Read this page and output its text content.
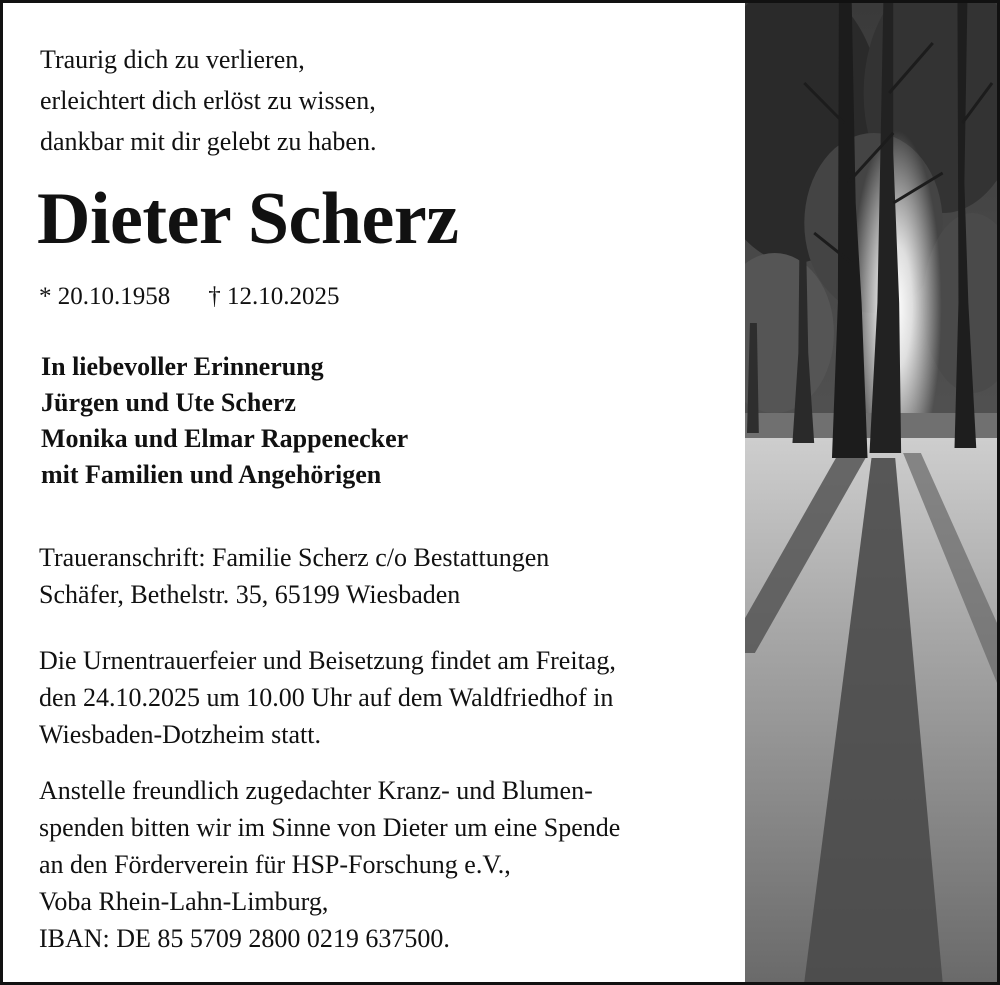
Traurig dich zu verlieren,
erleichtert dich erlöst zu wissen,
dankbar mit dir gelebt zu haben.
Dieter Scherz
* 20.10.1958 † 12.10.2025
In liebevoller Erinnerung
Jürgen und Ute Scherz
Monika und Elmar Rappenecker
mit Familien und Angehörigen
Traueranschrift: Familie Scherz c/o Bestattungen
Schäfer, Bethelstr. 35, 65199 Wiesbaden
Die Urnentrauerfeier und Beisetzung findet am Freitag,
den 24.10.2025 um 10.00 Uhr auf dem Waldfriedhof in
Wiesbaden-Dotzheim statt.
Anstelle freundlich zugedachter Kranz- und Blumen-
spenden bitten wir im Sinne von Dieter um eine Spende
an den Förderverein für HSP-Forschung e.V.,
Voba Rhein-Lahn-Limburg,
IBAN: DE 85 5709 2800 0219 637500.
